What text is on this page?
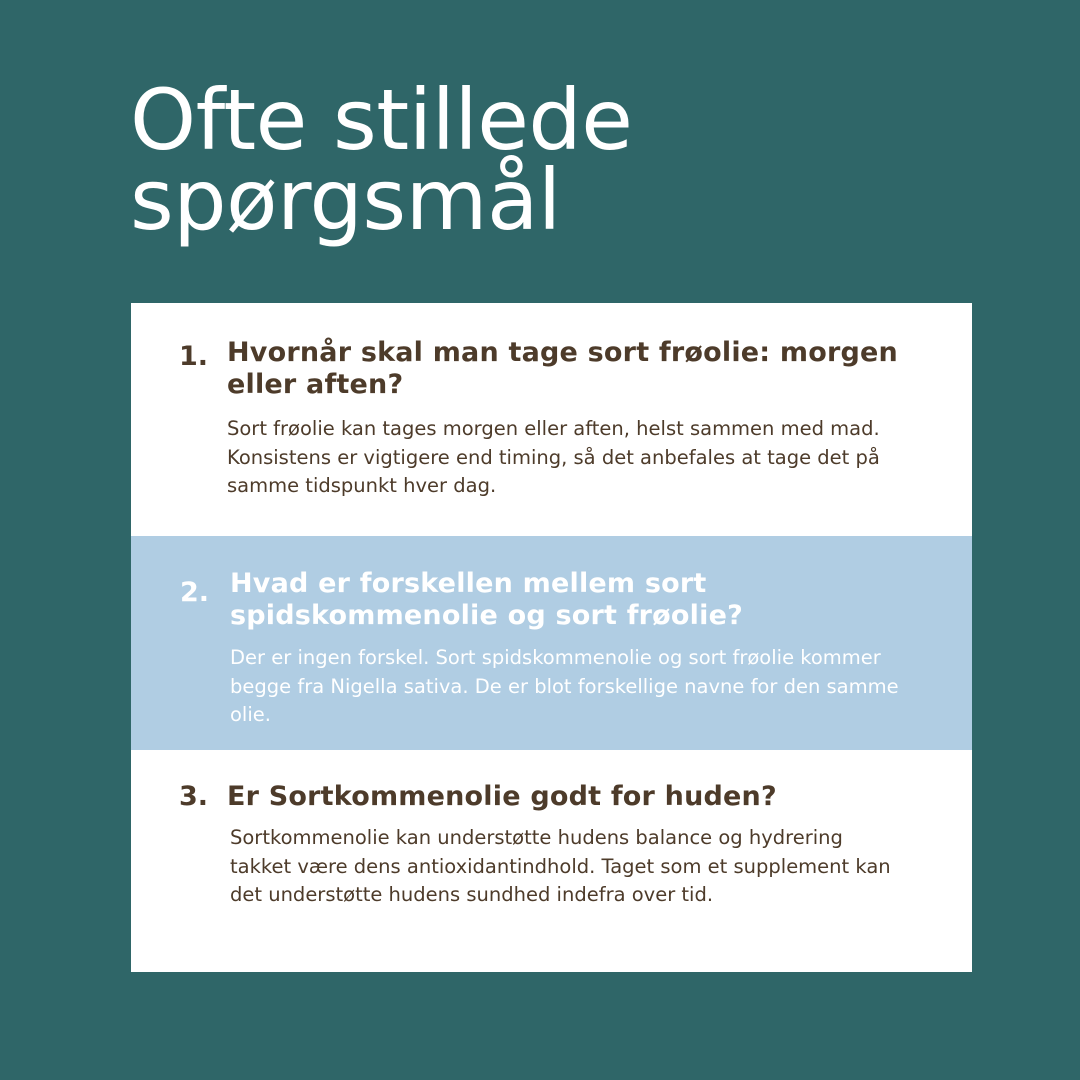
Ofte stillede spørgsmål
1. Hvornår skal man tage sort frøolie: morgen eller aften?

Sort frøolie kan tages morgen eller aften, helst sammen med mad. Konsistens er vigtigere end timing, så det anbefales at tage det på samme tidspunkt hver dag.

2. Hvad er forskellen mellem sort spidskommenolie og sort frøolie?

Der er ingen forskel. Sort spidskommenolie og sort frøolie kommer begge fra Nigella sativa. De er blot forskellige navne for den samme olie.

3. Er Sortkommenolie godt for huden?

Sortkommenolie kan understøtte hudens balance og hydrering takket være dens antioxidantindhold. Taget som et supplement kan det understøtte hudens sundhed indefra over tid.
